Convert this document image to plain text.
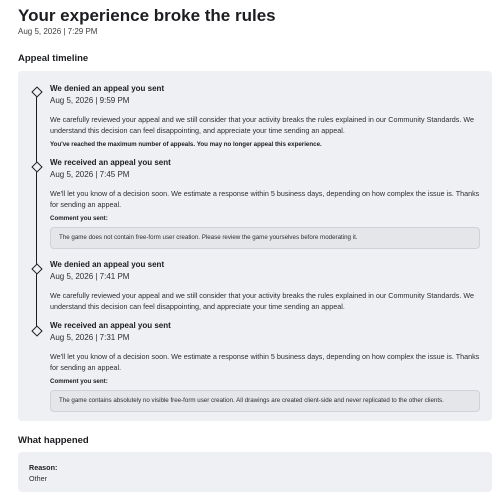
Your experience broke the rules
Aug 5, 2026 | 7:29 PM
Appeal timeline
We denied an appeal you sent
Aug 5, 2026 | 9:59 PM
We carefully reviewed your appeal and we still consider that your activity breaks the rules explained in our Community Standards. We understand this decision can feel disappointing, and appreciate your time sending an appeal.
You've reached the maximum number of appeals. You may no longer appeal this experience.
We received an appeal you sent
Aug 5, 2026 | 7:45 PM
We'll let you know of a decision soon. We estimate a response within 5 business days, depending on how complex the issue is. Thanks for sending an appeal.
Comment you sent:
The game does not contain free-form user creation. Please review the game yourselves before moderating it.
We denied an appeal you sent
Aug 5, 2026 | 7:41 PM
We carefully reviewed your appeal and we still consider that your activity breaks the rules explained in our Community Standards. We understand this decision can feel disappointing, and appreciate your time sending an appeal.
We received an appeal you sent
Aug 5, 2026 | 7:31 PM
We'll let you know of a decision soon. We estimate a response within 5 business days, depending on how complex the issue is. Thanks for sending an appeal.
Comment you sent:
The game contains absolutely no visible free-form user creation. All drawings are created client-side and never replicated to the other clients.
What happened
Reason:
Other
